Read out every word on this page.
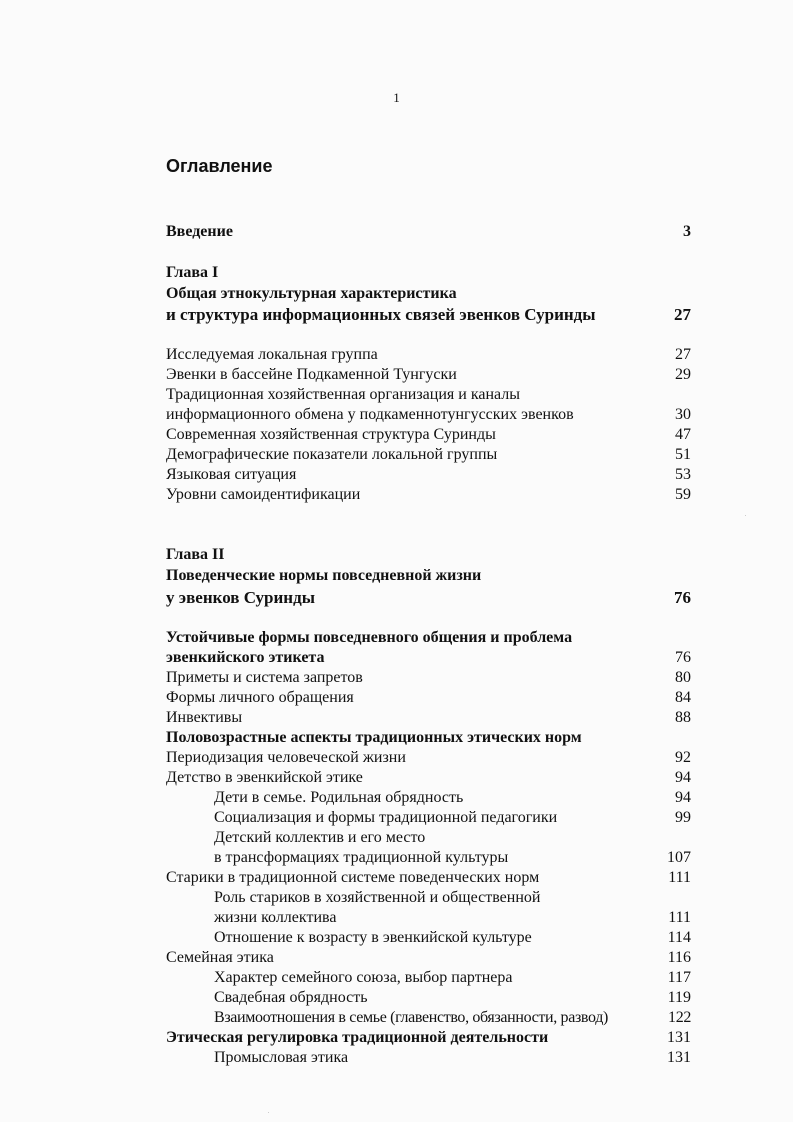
1
Оглавление
Введение	3
Глава I
Общая этнокультурная характеристика
и структура информационных связей эвенков Суринды	27
Исследуемая локальная группа	27
Эвенки в бассейне Подкаменной Тунгуски	29
Традиционная хозяйственная организация и каналы
информационного обмена у подкаменнотунгусских эвенков	30
Современная хозяйственная структура Суринды	47
Демографические показатели локальной группы	51
Языковая ситуация	53
Уровни самоидентификации	59
Глава II
Поведенческие нормы повседневной жизни
у эвенков Суринды	76
Устойчивые формы повседневного общения и проблема
эвенкийского этикета	76
Приметы и система запретов	80
Формы личного обращения	84
Инвективы	88
Половозрастные аспекты традиционных этических норм
Периодизация человеческой жизни	92
Детство в эвенкийской этике	94
Дети в семье. Родильная обрядность	94
Социализация и формы традиционной педагогики	99
Детский коллектив и его место
в трансформациях традиционной культуры	107
Старики в традиционной системе поведенческих норм	111
Роль стариков в хозяйственной и общественной
жизни коллектива	111
Отношение к возрасту в эвенкийской культуре	114
Семейная этика	116
Характер семейного союза, выбор партнера	117
Свадебная обрядность	119
Взаимоотношения в семье (главенство, обязанности, развод)	122
Этическая регулировка традиционной деятельности	131
Промысловая этика	131
